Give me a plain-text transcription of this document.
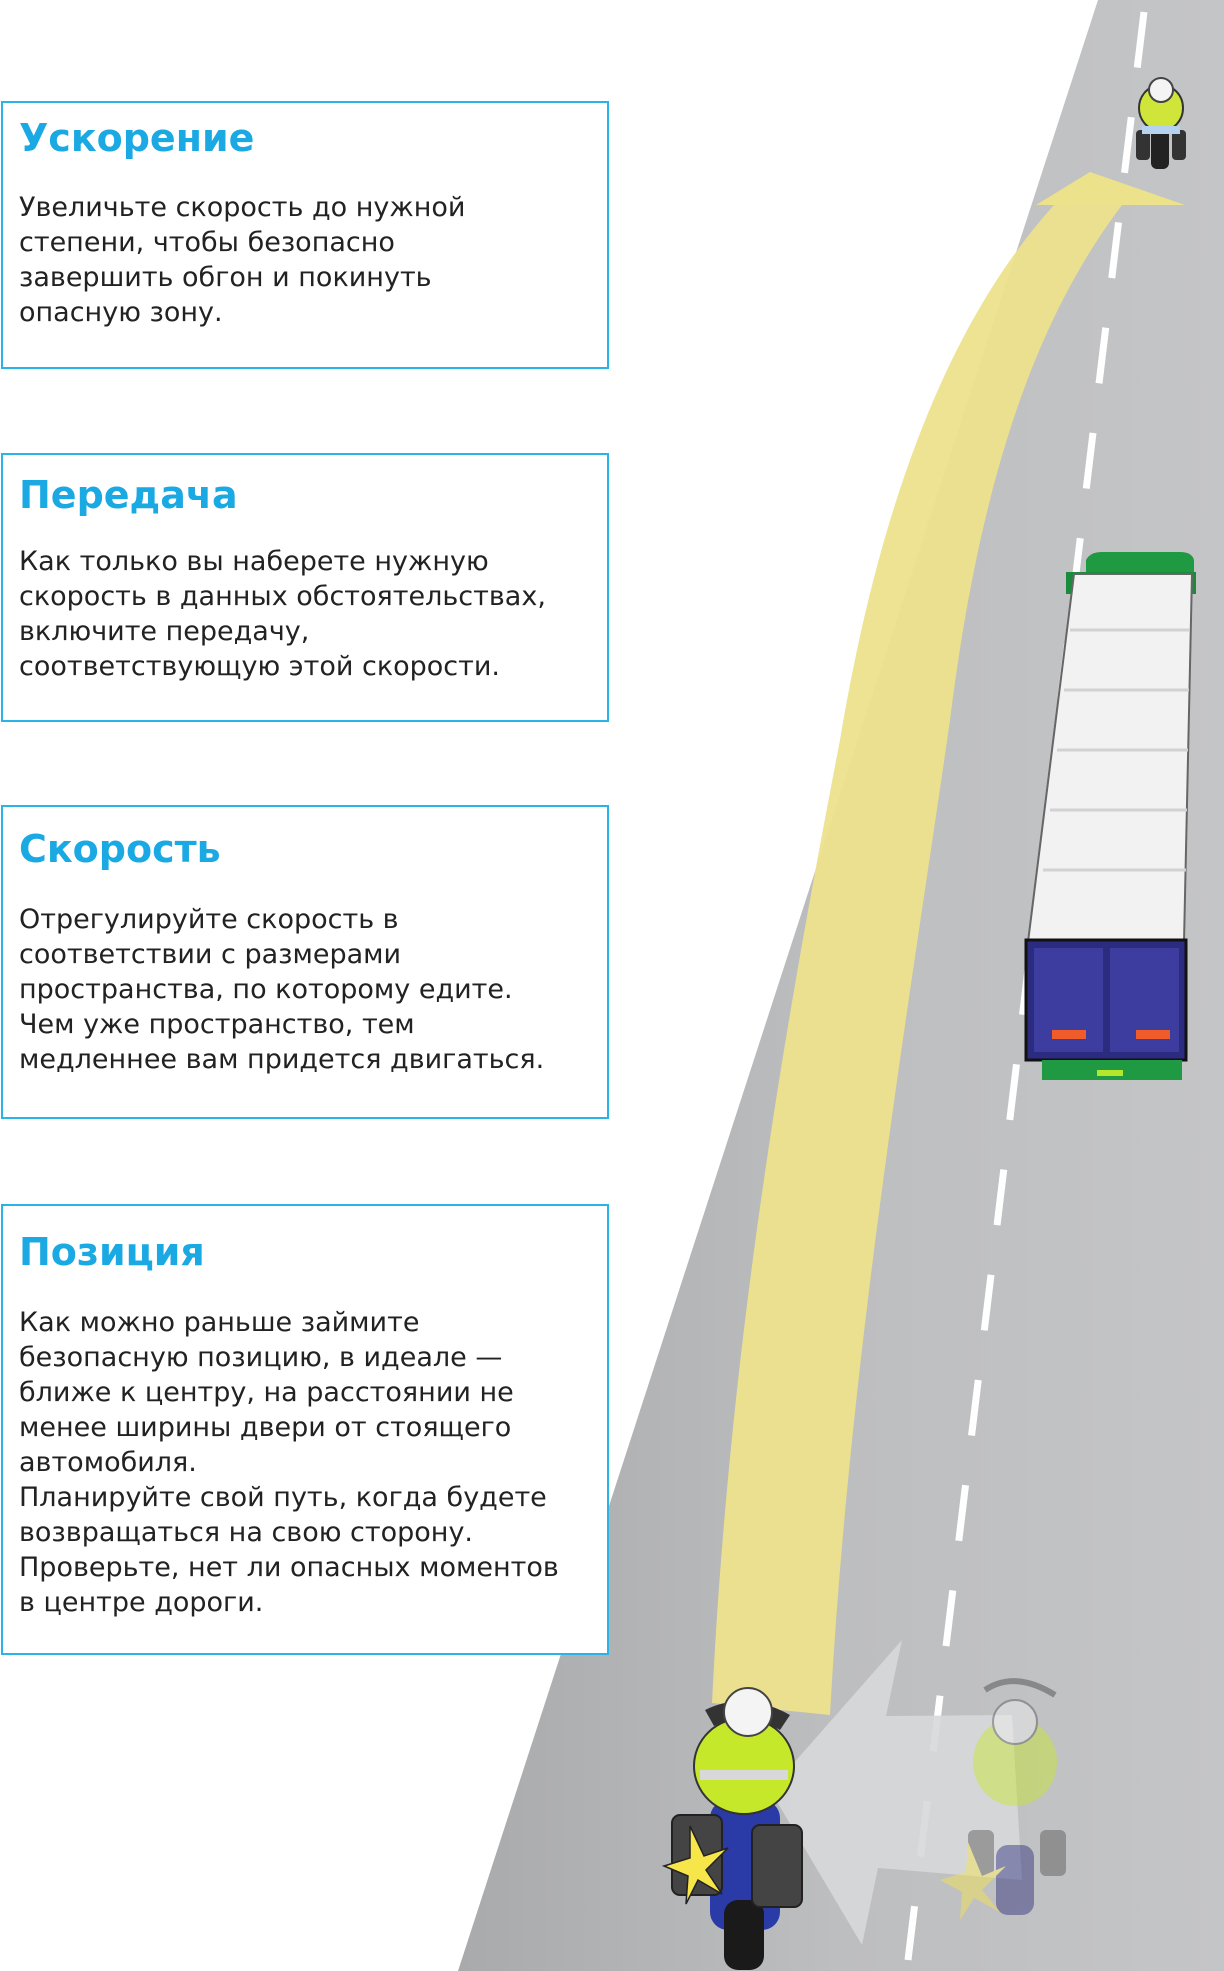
Ускорение

Увеличьте скорость до нужной
степени, чтобы безопасно
завершить обгон и покинуть
опасную зону.

Передача

Как только вы наберете нужную
скорость в данных обстоятельствах,
включите передачу,
соответствующую этой скорости.

Скорость

Отрегулируйте скорость в
соответствии с размерами
пространства, по которому едите.
Чем уже пространство, тем
медленнее вам придется двигаться.

Позиция

Как можно раньше займите
безопасную позицию, в идеале —
ближе к центру, на расстоянии не
менее ширины двери от стоящего
автомобиля.
Планируйте свой путь, когда будете
возвращаться на свою сторону.
Проверьте, нет ли опасных моментов
в центре дороги.
